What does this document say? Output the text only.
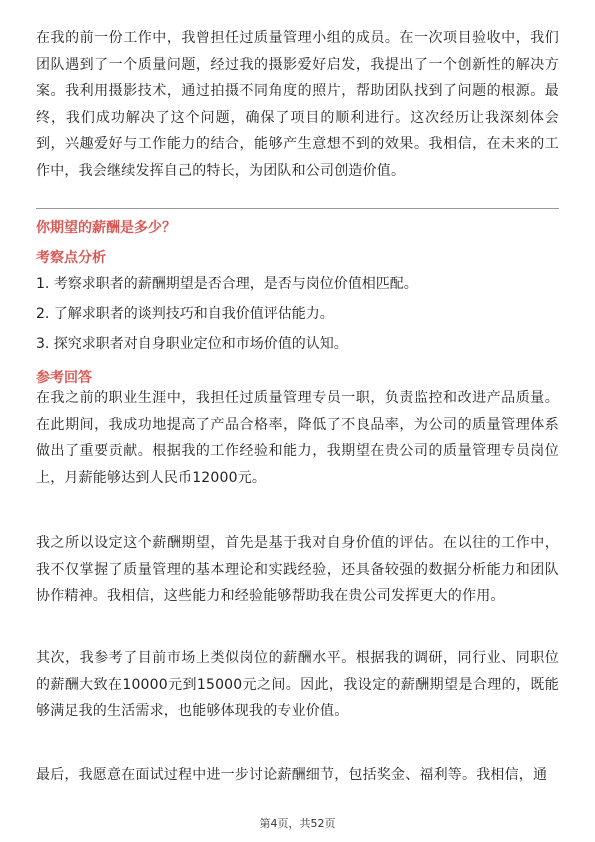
在我的前一份工作中，我曾担任过质量管理小组的成员。在一次项目验收中，我们团队遇到了一个质量问题，经过我的摄影爱好启发，我提出了一个创新性的解决方案。我利用摄影技术，通过拍摄不同角度的照片，帮助团队找到了问题的根源。最终，我们成功解决了这个问题，确保了项目的顺利进行。这次经历让我深刻体会到，兴趣爱好与工作能力的结合，能够产生意想不到的效果。我相信，在未来的工作中，我会继续发挥自己的特长，为团队和公司创造价值。

你期望的薪酬是多少？
考察点分析
1. 考察求职者的薪酬期望是否合理，是否与岗位价值相匹配。
2. 了解求职者的谈判技巧和自我价值评估能力。
3. 探究求职者对自身职业定位和市场价值的认知。
参考回答

在我之前的职业生涯中，我担任过质量管理专员一职，负责监控和改进产品质量。在此期间，我成功地提高了产品合格率，降低了不良品率，为公司的质量管理体系做出了重要贡献。根据我的工作经验和能力，我期望在贵公司的质量管理专员岗位上，月薪能够达到人民币12000元。

我之所以设定这个薪酬期望，首先是基于我对自身价值的评估。在以往的工作中，我不仅掌握了质量管理的基本理论和实践经验，还具备较强的数据分析能力和团队协作精神。我相信，这些能力和经验能够帮助我在贵公司发挥更大的作用。

其次，我参考了目前市场上类似岗位的薪酬水平。根据我的调研，同行业、同职位的薪酬大致在10000元到15000元之间。因此，我设定的薪酬期望是合理的，既能够满足我的生活需求，也能够体现我的专业价值。

最后，我愿意在面试过程中进一步讨论薪酬细节，包括奖金、福利等。我相信，通

第4页，共52页
